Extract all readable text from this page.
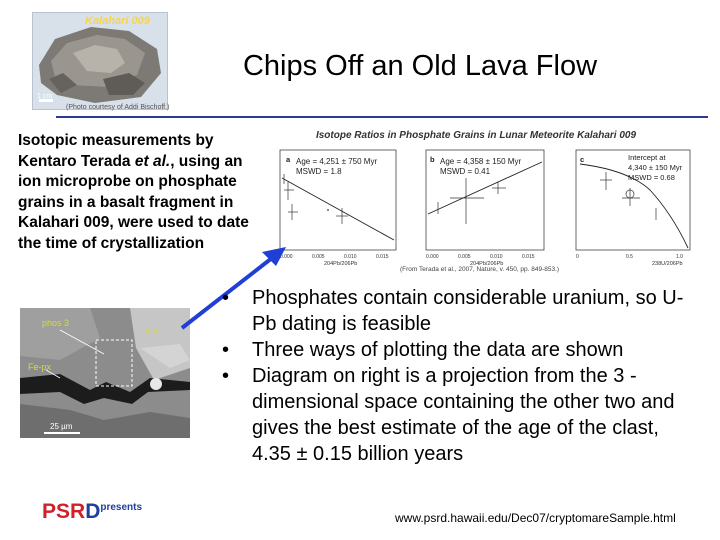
Kalahari 009
1 cm
(Photo courtesy of Addi Bischoff.)
Chips Off an Old Lava Flow
Isotopic measurements by Kentaro Terada et al., using an ion microprobe on phosphate grains in a basalt fragment in Kalahari 009, were used to date the time of crystallization
Isotope Ratios in Phosphate Grains in Lunar Meteorite Kalahari 009
a Age = 4,251 ± 750 Myr
MSWD = 1.8
b Age = 4,358 ± 150 Myr
MSWD = 0.41
c	Intercept at
4,340 ± 150 Myr
MSWD = 0.68
0.000	0.005	0.010	0.015
204Pb/206Pb
0.000	0.005	0.010	0.015
204Pb/206Pb
0	0.5	1.0
238U/206Pb
(From Terada et al., 2007, Nature, v. 450, pp. 849-853.)
phos 3
ilm
Fe-px
25 µm
• Phosphates contain considerable uranium, so U-Pb dating is feasible
• Three ways of plotting the data are shown
• Diagram on right is a projection from the 3 -dimensional space containing the other two and gives the best estimate of the age of the clast, 4.35 ± 0.15 billion years
$PSRD^{presents}$
www.psrd.hawaii.edu/Dec07/cryptomareSample.html
